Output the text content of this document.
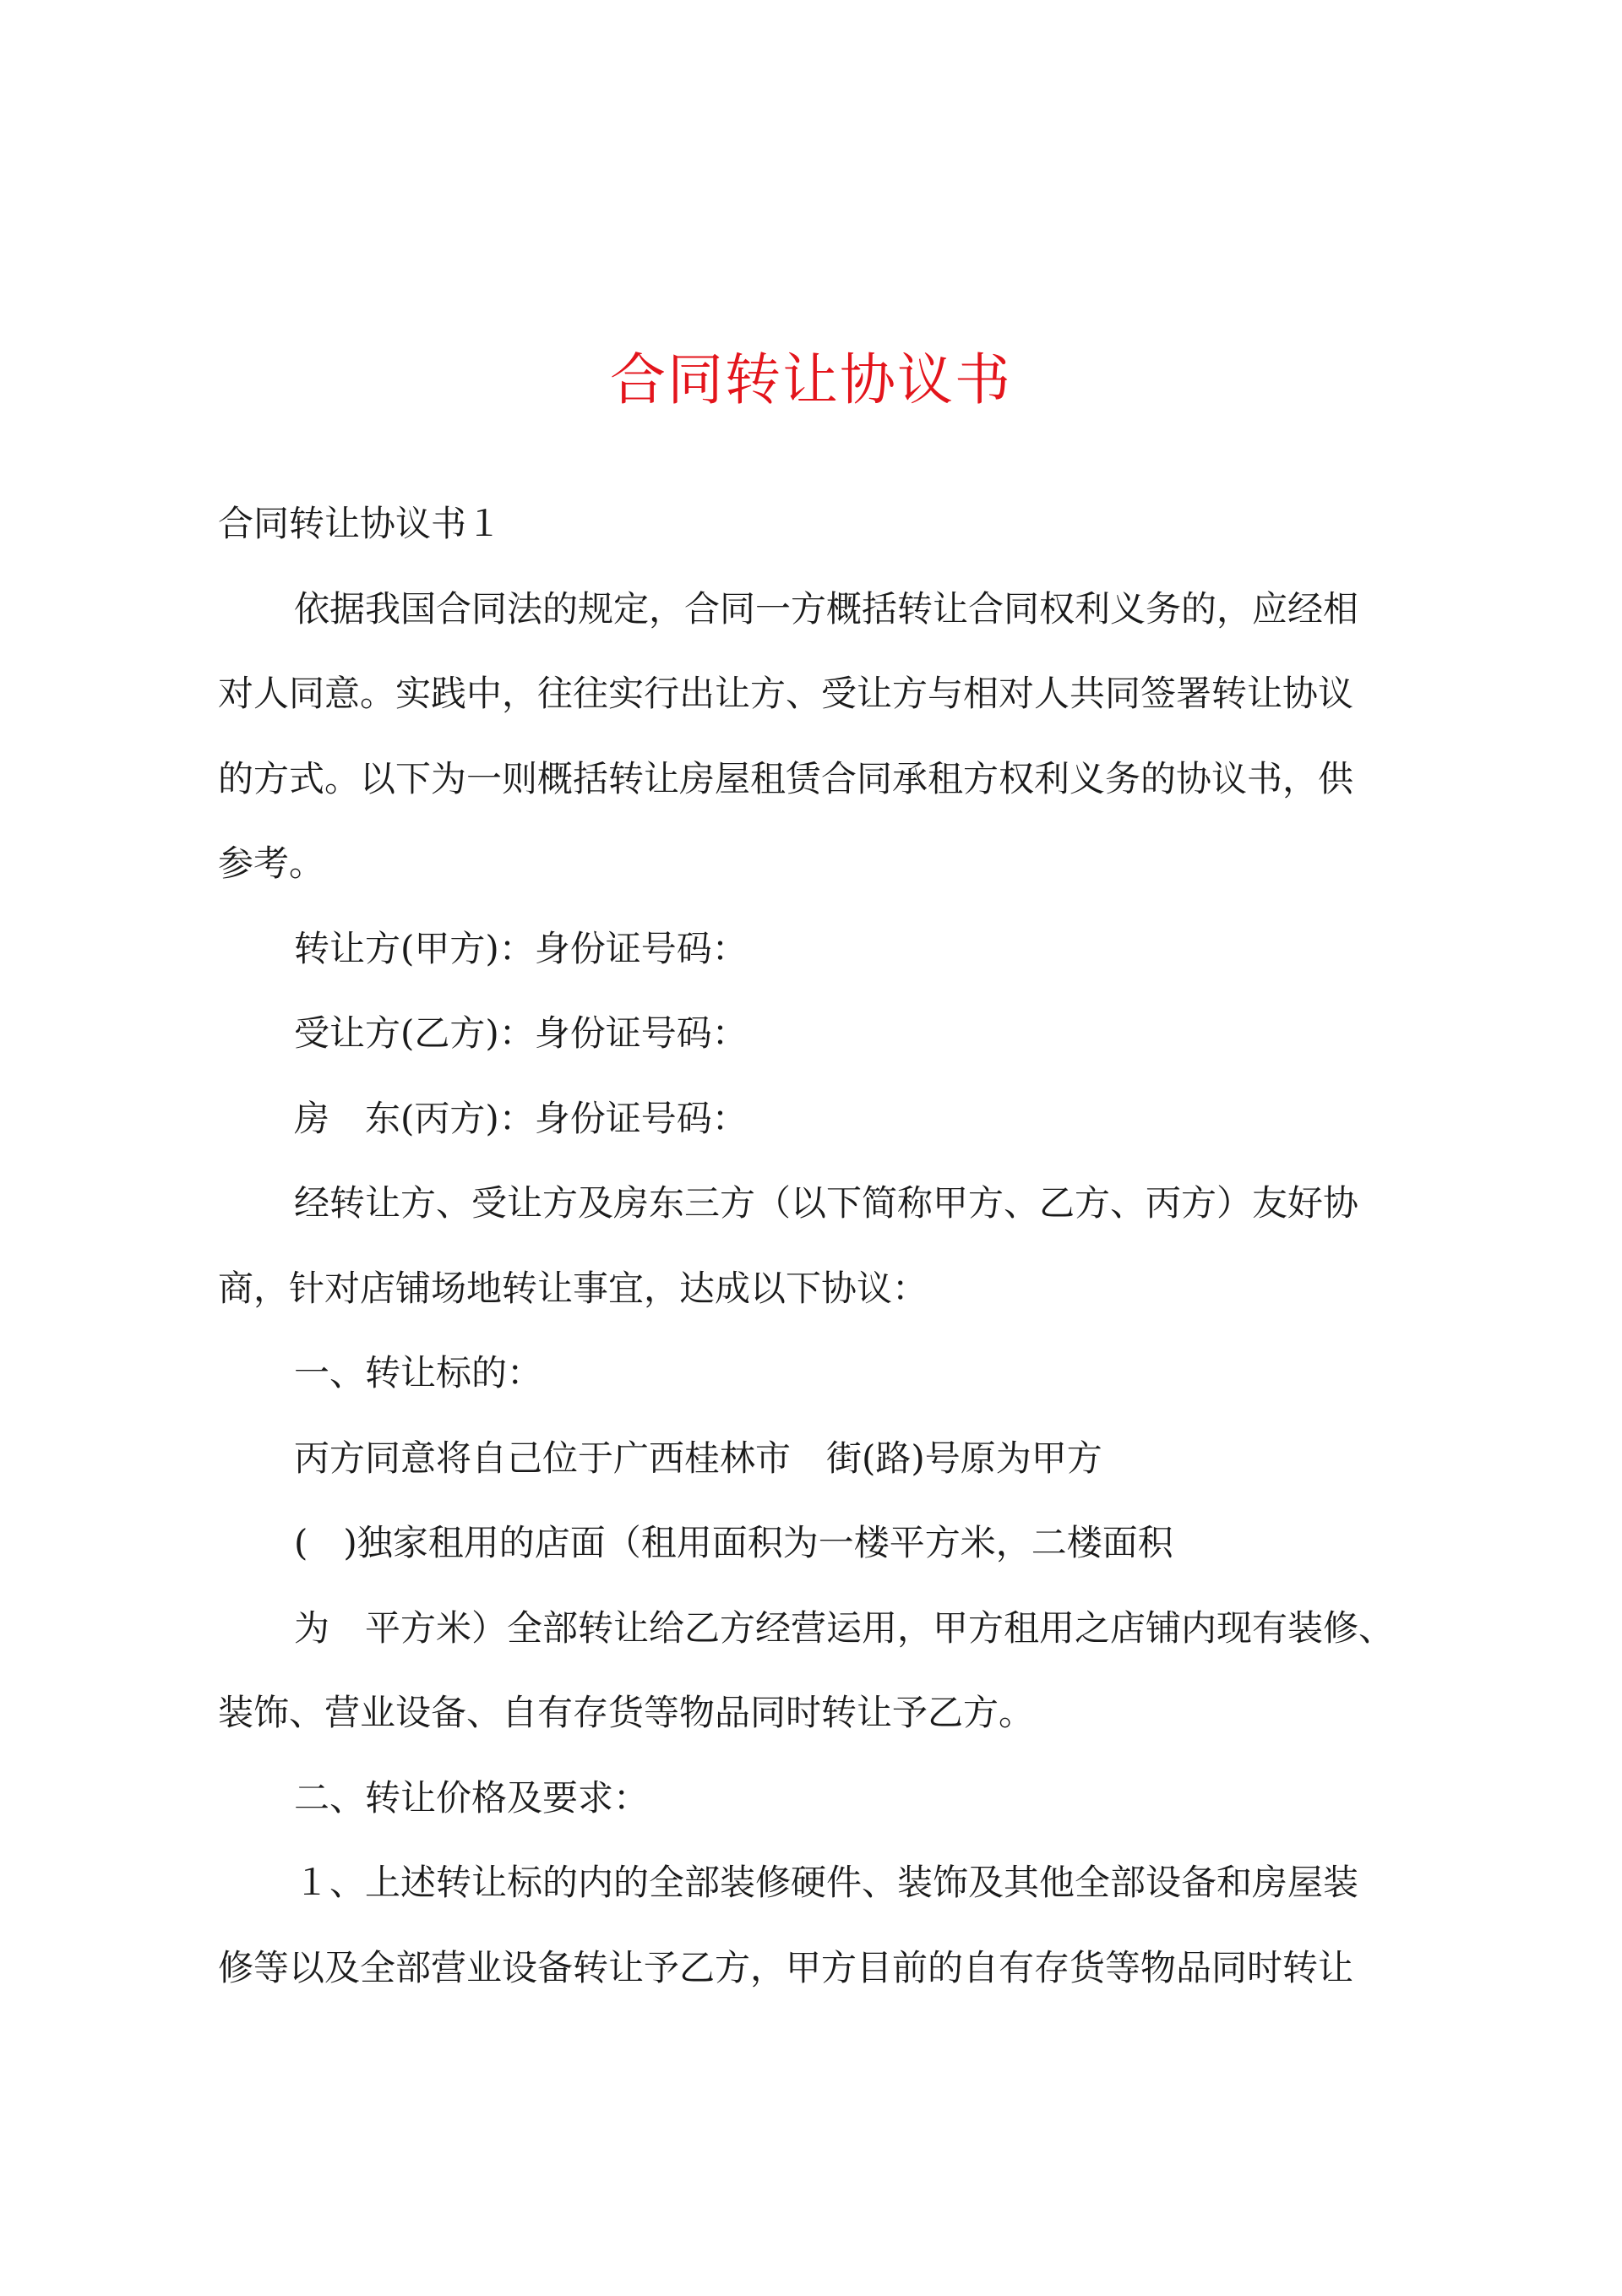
合同转让协议书
合同转让协议书１
依据我国合同法的规定，合同一方概括转让合同权利义务的，应经相
对人同意。实践中，往往实行出让方、受让方与相对人共同签署转让协议
的方式。以下为一则概括转让房屋租赁合同承租方权利义务的协议书，供
参考。
转让方(甲方)：身份证号码：
受让方(乙方)：身份证号码：
房　东(丙方)：身份证号码：
经转让方、受让方及房东三方（以下简称甲方、乙方、丙方）友好协
商，针对店铺场地转让事宜，达成以下协议：
一、转让标的：
丙方同意将自己位于广西桂林市　街(路)号原为甲方
(　)独家租用的店面（租用面积为一楼平方米，二楼面积
为　平方米）全部转让给乙方经营运用，甲方租用之店铺内现有装修、
装饰、营业设备、自有存货等物品同时转让予乙方。
二、转让价格及要求：
１、上述转让标的内的全部装修硬件、装饰及其他全部设备和房屋装
修等以及全部营业设备转让予乙方，甲方目前的自有存货等物品同时转让
